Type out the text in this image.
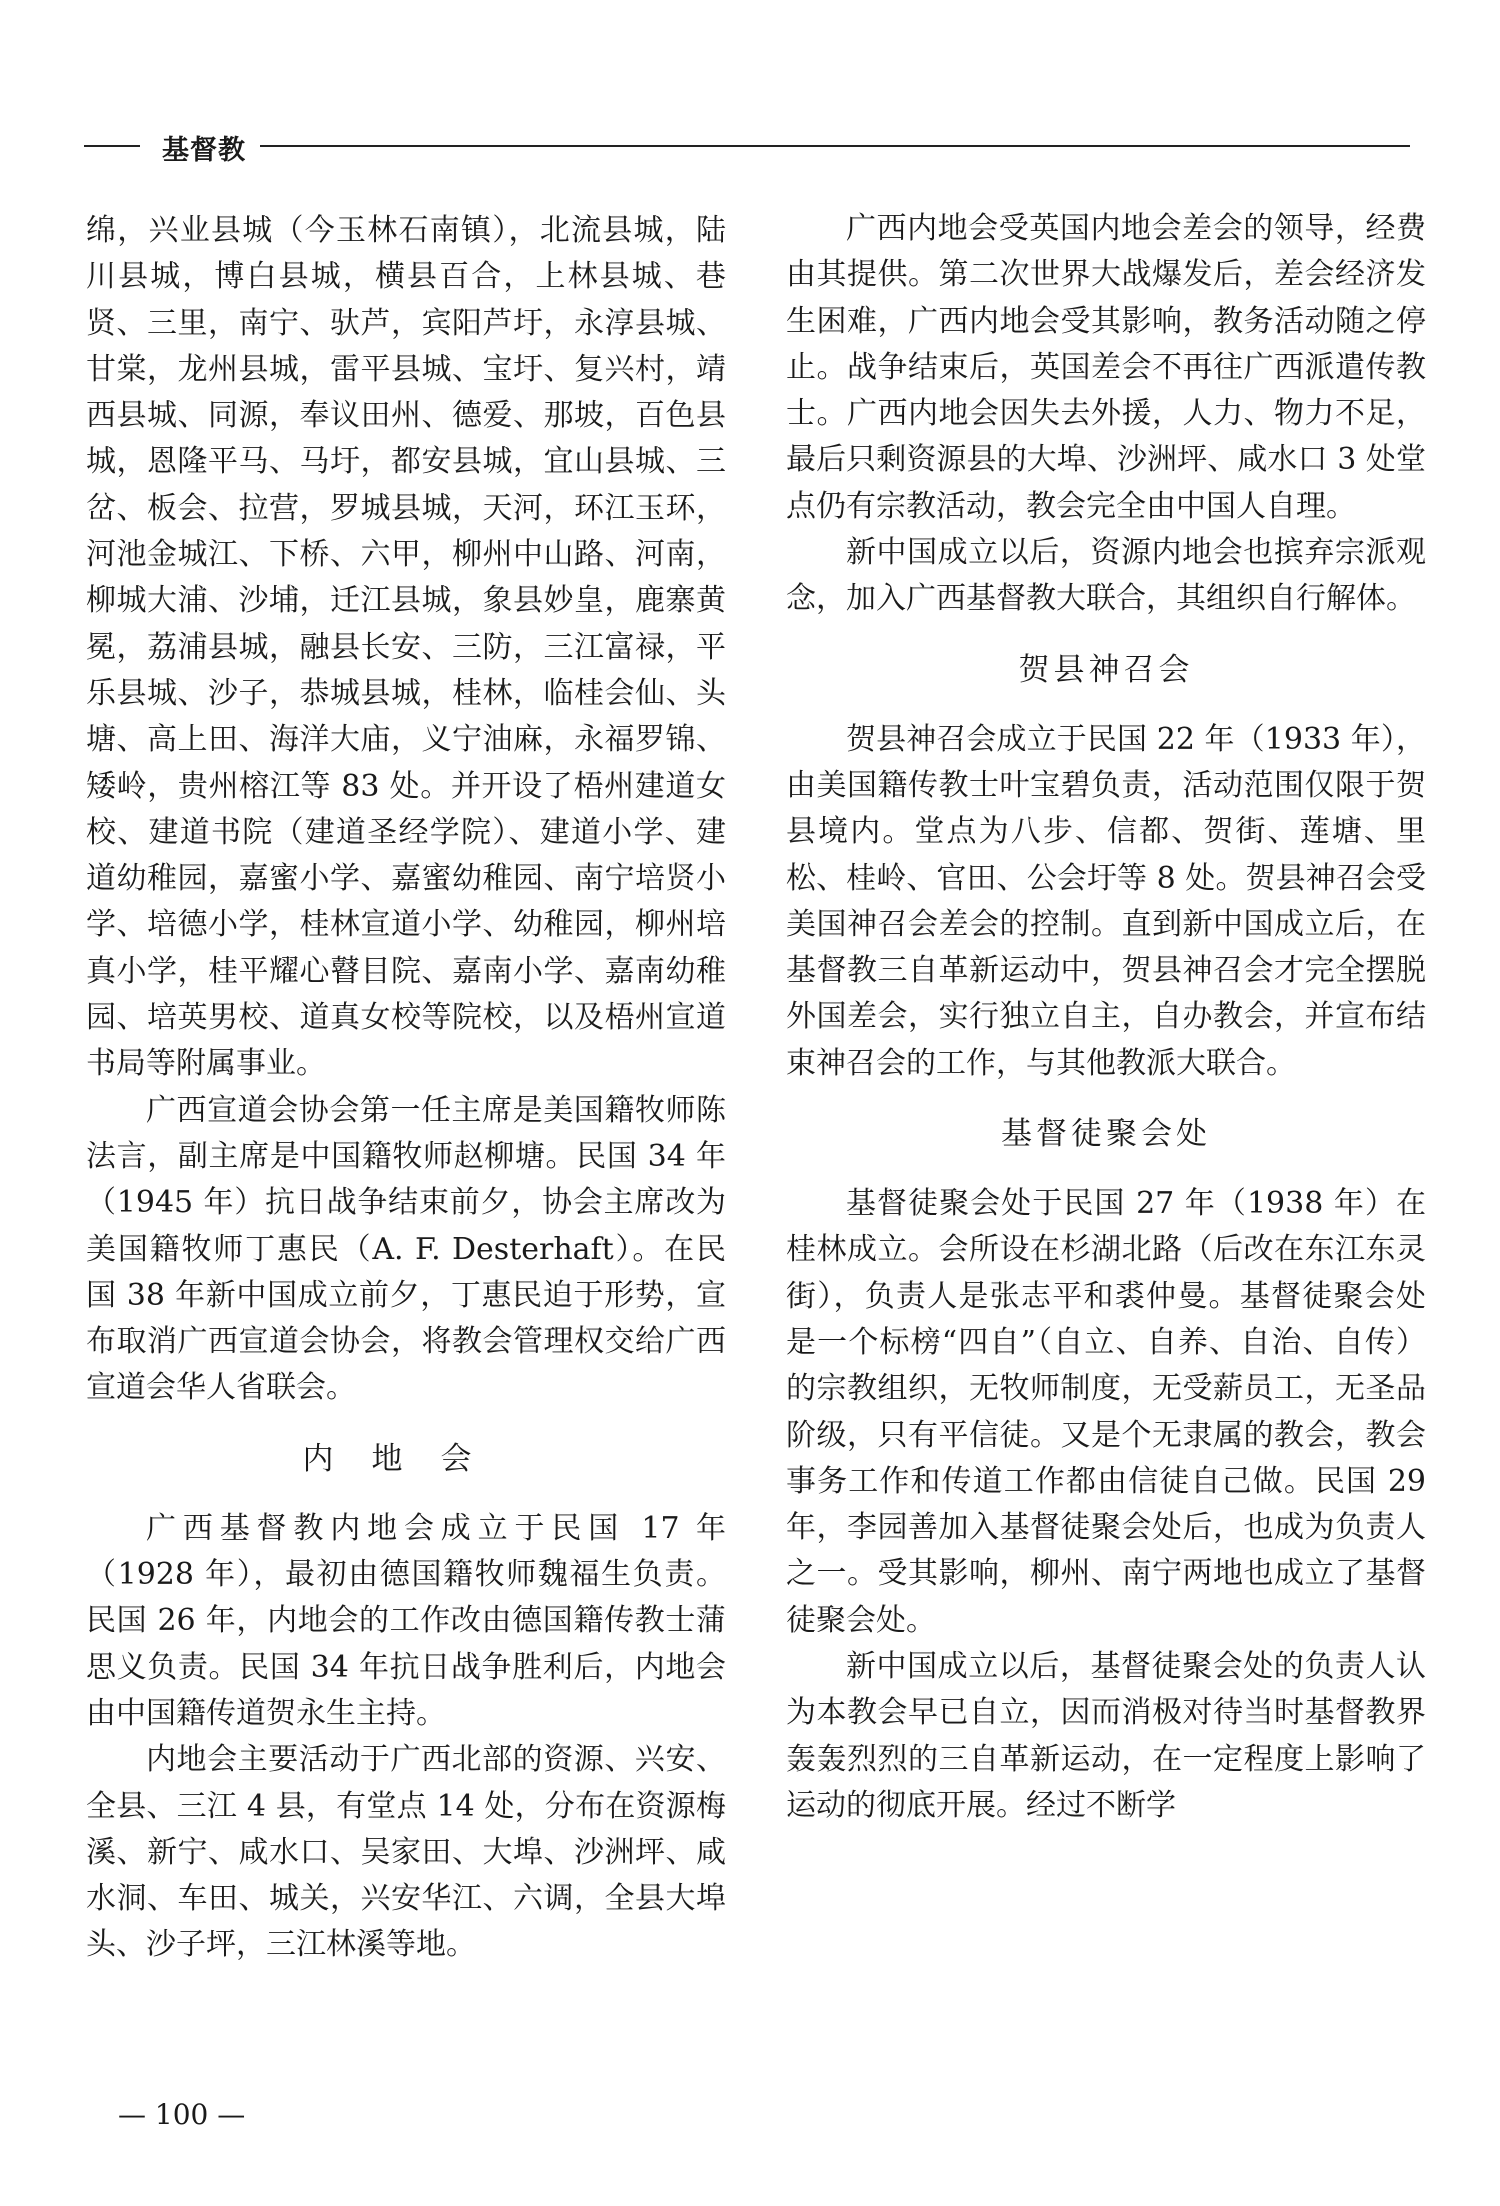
基督教

绵，兴业县城（今玉林石南镇），北流县城，陆川县城，博白县城，横县百合，上林县城、巷贤、三里，南宁、驮芦，宾阳芦圩，永淳县城、甘棠，龙州县城，雷平县城、宝圩、复兴村，靖西县城、同源，奉议田州、德爱、那坡，百色县城，恩隆平马、马圩，都安县城，宜山县城、三岔、板会、拉营，罗城县城，天河，环江玉环，河池金城江、下桥、六甲，柳州中山路、河南，柳城大浦、沙埔，迁江县城，象县妙皇，鹿寨黄冕，荔浦县城，融县长安、三防，三江富禄，平乐县城、沙子，恭城县城，桂林，临桂会仙、头塘、高上田、海洋大庙，义宁油麻，永福罗锦、矮岭，贵州榕江等 83 处。并开设了梧州建道女校、建道书院（建道圣经学院）、建道小学、建道幼稚园，嘉蜜小学、嘉蜜幼稚园、南宁培贤小学、培德小学，桂林宣道小学、幼稚园，柳州培真小学，桂平耀心瞽目院、嘉南小学、嘉南幼稚园、培英男校、道真女校等院校，以及梧州宣道书局等附属事业。

广西宣道会协会第一任主席是美国籍牧师陈法言，副主席是中国籍牧师赵柳塘。民国 34 年（1945 年）抗日战争结束前夕，协会主席改为美国籍牧师丁惠民（A. F. Desterhaft）。在民国 38 年新中国成立前夕，丁惠民迫于形势，宣布取消广西宣道会协会，将教会管理权交给广西宣道会华人省联会。

内地会

广西基督教内地会成立于民国 17 年（1928 年），最初由德国籍牧师魏福生负责。民国 26 年，内地会的工作改由德国籍传教士蒲思义负责。民国 34 年抗日战争胜利后，内地会由中国籍传道贺永生主持。

内地会主要活动于广西北部的资源、兴安、全县、三江 4 县，有堂点 14 处，分布在资源梅溪、新宁、咸水口、吴家田、大埠、沙洲坪、咸水洞、车田、城关，兴安华江、六调，全县大埠头、沙子坪，三江林溪等地。

广西内地会受英国内地会差会的领导，经费由其提供。第二次世界大战爆发后，差会经济发生困难，广西内地会受其影响，教务活动随之停止。战争结束后，英国差会不再往广西派遣传教士。广西内地会因失去外援，人力、物力不足，最后只剩资源县的大埠、沙洲坪、咸水口 3 处堂点仍有宗教活动，教会完全由中国人自理。

新中国成立以后，资源内地会也摈弃宗派观念，加入广西基督教大联合，其组织自行解体。

贺县神召会

贺县神召会成立于民国 22 年（1933 年），由美国籍传教士叶宝碧负责，活动范围仅限于贺县境内。堂点为八步、信都、贺街、莲塘、里松、桂岭、官田、公会圩等 8 处。贺县神召会受美国神召会差会的控制。直到新中国成立后，在基督教三自革新运动中，贺县神召会才完全摆脱外国差会，实行独立自主，自办教会，并宣布结束神召会的工作，与其他教派大联合。

基督徒聚会处

基督徒聚会处于民国 27 年（1938 年）在桂林成立。会所设在杉湖北路（后改在东江东灵街），负责人是张志平和裘仲曼。基督徒聚会处是一个标榜“四自”（自立、自养、自治、自传）的宗教组织，无牧师制度，无受薪员工，无圣品阶级，只有平信徒。又是个无隶属的教会，教会事务工作和传道工作都由信徒自己做。民国 29 年，李园善加入基督徒聚会处后，也成为负责人之一。受其影响，柳州、南宁两地也成立了基督徒聚会处。

新中国成立以后，基督徒聚会处的负责人认为本教会早已自立，因而消极对待当时基督教界轰轰烈烈的三自革新运动，在一定程度上影响了运动的彻底开展。经过不断学

— 100 —
